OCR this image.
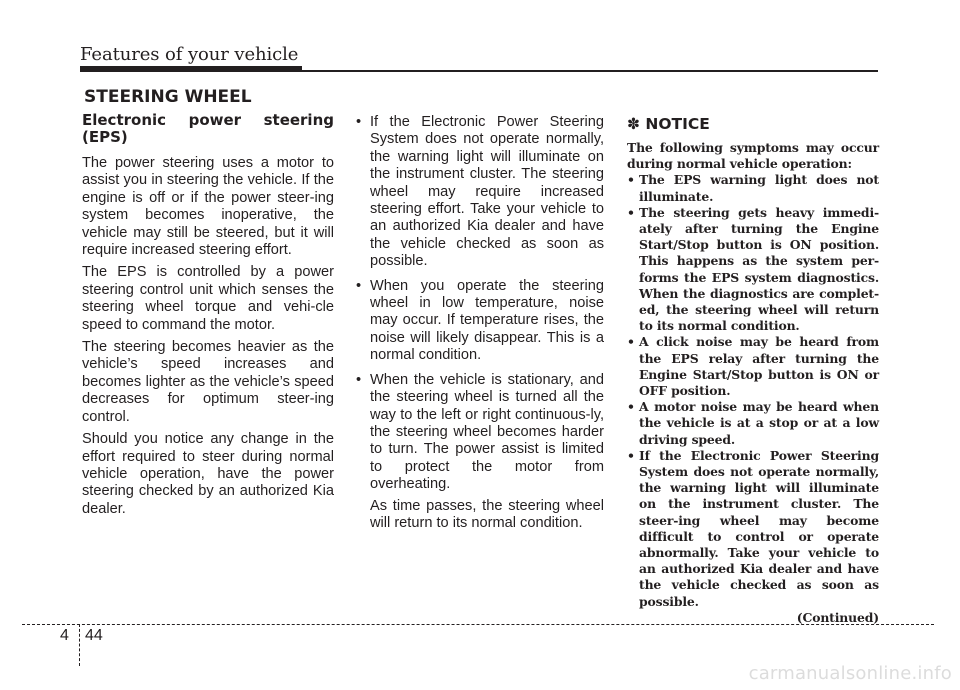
Features of your vehicle
STEERING WHEEL
Electronic power steering (EPS)

The power steering uses a motor to assist you in steering the vehicle. If the engine is off or if the power steer-ing system becomes inoperative, the vehicle may still be steered, but it will require increased steering effort.

The EPS is controlled by a power steering control unit which senses the steering wheel torque and vehi-cle speed to command the motor.

The steering becomes heavier as the vehicle’s speed increases and becomes lighter as the vehicle’s speed decreases for optimum steer-ing control.

Should you notice any change in the effort required to steer during normal vehicle operation, have the power steering checked by an authorized Kia dealer.

• If the Electronic Power Steering System does not operate normally, the warning light will illuminate on the instrument cluster. The steering wheel may require increased steering effort. Take your vehicle to an authorized Kia dealer and have the vehicle checked as soon as possible.
• When you operate the steering wheel in low temperature, noise may occur. If temperature rises, the noise will likely disappear. This is a normal condition.
• When the vehicle is stationary, and the steering wheel is turned all the way to the left or right continuous-ly, the steering wheel becomes harder to turn. The power assist is limited to protect the motor from overheating.

As time passes, the steering wheel will return to its normal condition.

✽ NOTICE

The following symptoms may occur during normal vehicle operation:

• The EPS warning light does not illuminate.
• The steering gets heavy immedi-ately after turning the Engine Start/Stop button is ON position. This happens as the system per-forms the EPS system diagnostics. When the diagnostics are complet-ed, the steering wheel will return to its normal condition.
• A click noise may be heard from the EPS relay after turning the Engine Start/Stop button is ON or OFF position.
• A motor noise may be heard when the vehicle is at a stop or at a low driving speed.
• If the Electronic Power Steering System does not operate normally, the warning light will illuminate on the instrument cluster. The steer-ing wheel may become difficult to control or operate abnormally. Take your vehicle to an authorized Kia dealer and have the vehicle checked as soon as possible.

(Continued)

4 44
carmanualsonline.info
